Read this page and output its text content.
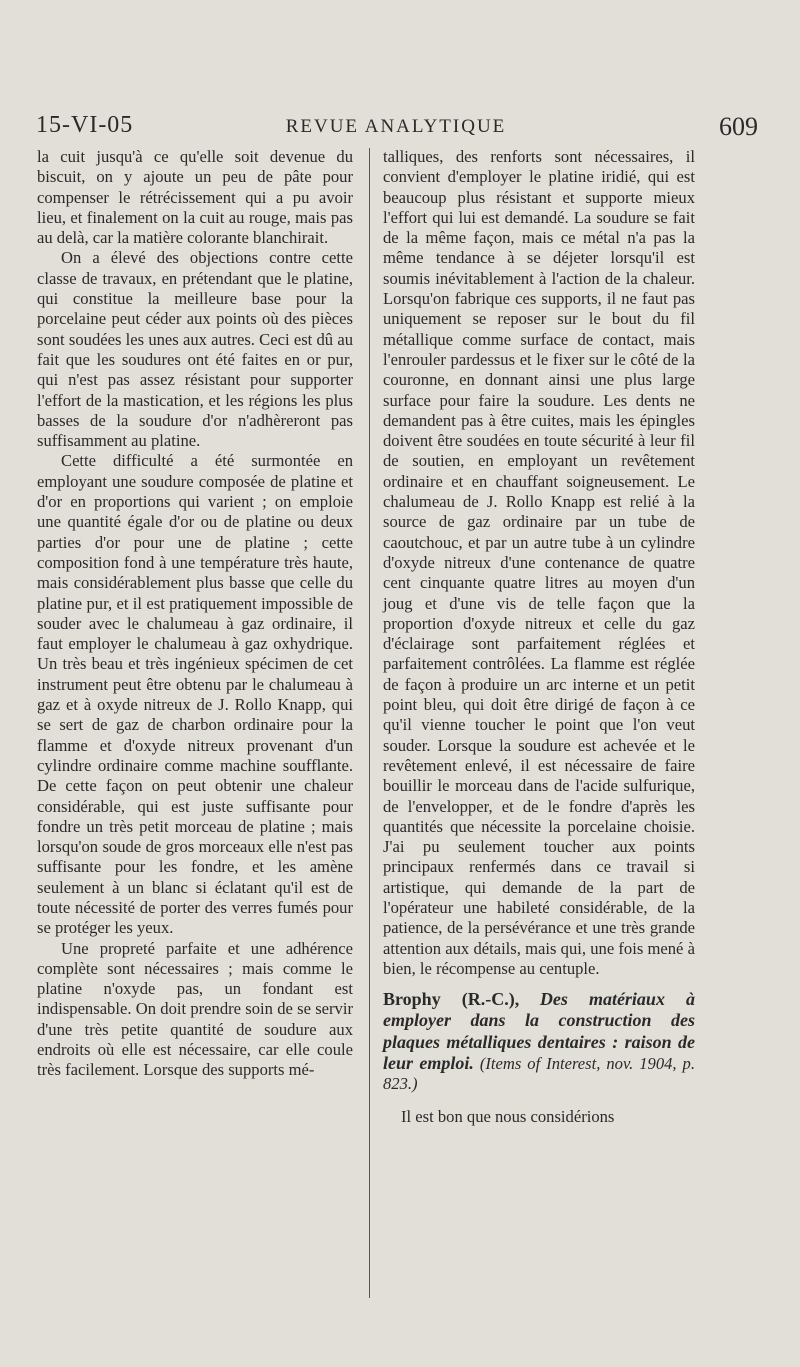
15-VI-05	REVUE ANALYTIQUE	609

la cuit jusqu'à ce qu'elle soit devenue du biscuit, on y ajoute un peu de pâte pour compenser le rétrécissement qui a pu avoir lieu, et finalement on la cuit au rouge, mais pas au delà, car la matière colorante blanchirait.

On a élevé des objections contre cette classe de travaux, en prétendant que le platine, qui constitue la meilleure base pour la porcelaine peut céder aux points où des pièces sont soudées les unes aux autres. Ceci est dû au fait que les soudures ont été faites en or pur, qui n'est pas assez résistant pour supporter l'effort de la mastication, et les régions les plus basses de la soudure d'or n'adhèreront pas suffisamment au platine.

Cette difficulté a été surmontée en employant une soudure composée de platine et d'or en proportions qui varient ; on emploie une quantité égale d'or ou de platine ou deux parties d'or pour une de platine ; cette composition fond à une température très haute, mais considérablement plus basse que celle du platine pur, et il est pratiquement impossible de souder avec le chalumeau à gaz ordinaire, il faut employer le chalumeau à gaz oxhydrique. Un très beau et très ingénieux spécimen de cet instrument peut être obtenu par le chalumeau à gaz et à oxyde nitreux de J. Rollo Knapp, qui se sert de gaz de charbon ordinaire pour la flamme et d'oxyde nitreux provenant d'un cylindre ordinaire comme machine soufflante. De cette façon on peut obtenir une chaleur considérable, qui est juste suffisante pour fondre un très petit morceau de platine ; mais lorsqu'on soude de gros morceaux elle n'est pas suffisante pour les fondre, et les amène seulement à un blanc si éclatant qu'il est de toute nécessité de porter des verres fumés pour se protéger les yeux.

Une propreté parfaite et une adhérence complète sont nécessaires ; mais comme le platine n'oxyde pas, un fondant est indispensable. On doit prendre soin de se servir d'une très petite quantité de soudure aux endroits où elle est nécessaire, car elle coule très facilement. Lorsque des supports mé-

talliques, des renforts sont nécessaires, il convient d'employer le platine iridié, qui est beaucoup plus résistant et supporte mieux l'effort qui lui est demandé. La soudure se fait de la même façon, mais ce métal n'a pas la même tendance à se déjeter lorsqu'il est soumis inévitablement à l'action de la chaleur. Lorsqu'on fabrique ces supports, il ne faut pas uniquement se reposer sur le bout du fil métallique comme surface de contact, mais l'enrouler pardessus et le fixer sur le côté de la couronne, en donnant ainsi une plus large surface pour faire la soudure. Les dents ne demandent pas à être cuites, mais les épingles doivent être soudées en toute sécurité à leur fil de soutien, en employant un revêtement ordinaire et en chauffant soigneusement. Le chalumeau de J. Rollo Knapp est relié à la source de gaz ordinaire par un tube de caoutchouc, et par un autre tube à un cylindre d'oxyde nitreux d'une contenance de quatre cent cinquante quatre litres au moyen d'un joug et d'une vis de telle façon que la proportion d'oxyde nitreux et celle du gaz d'éclairage sont parfaitement réglées et parfaitement contrôlées. La flamme est réglée de façon à produire un arc interne et un petit point bleu, qui doit être dirigé de façon à ce qu'il vienne toucher le point que l'on veut souder. Lorsque la soudure est achevée et le revêtement enlevé, il est nécessaire de faire bouillir le morceau dans de l'acide sulfurique, de l'envelopper, et de le fondre d'après les quantités que nécessite la porcelaine choisie. J'ai pu seulement toucher aux points principaux renfermés dans ce travail si artistique, qui demande de la part de l'opérateur une habileté considérable, de la patience, de la persévérance et une très grande attention aux détails, mais qui, une fois mené à bien, le récompense au centuple.

Brophy (R.-C.), Des matériaux à employer dans la construction des plaques métalliques dentaires : raison de leur emploi. (Items of Interest, nov. 1904, p. 823.)

Il est bon que nous considérions
